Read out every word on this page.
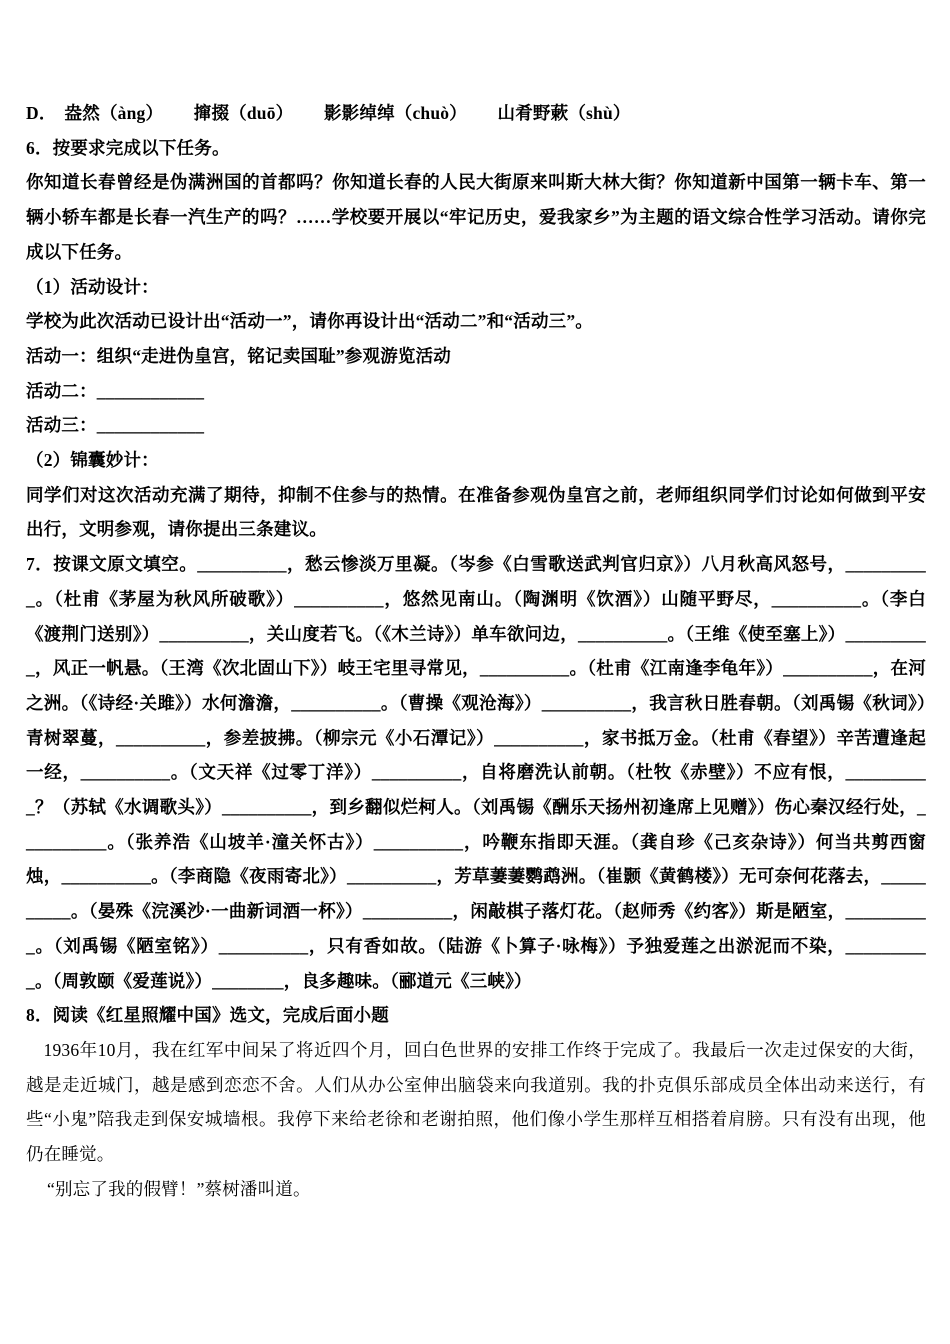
D． 盎然（àng） 撺掇（duō） 影影绰绰（chuò） 山肴野蔌（shù）

6．按要求完成以下任务。

你知道长春曾经是伪满洲国的首都吗？你知道长春的人民大街原来叫斯大林大街？你知道新中国第一辆卡车、第一辆小轿车都是长春一汽生产的吗？……学校要开展以“牢记历史，爱我家乡”为主题的语文综合性学习活动。请你完成以下任务。

（1）活动设计：

学校为此次活动已设计出“活动一”，请你再设计出“活动二”和“活动三”。

活动一：组织“走进伪皇宫，铭记卖国耻”参观游览活动

活动二：____________

活动三：____________

（2）锦囊妙计：

同学们对这次活动充满了期待，抑制不住参与的热情。在准备参观伪皇宫之前，老师组织同学们讨论如何做到平安出行，文明参观，请你提出三条建议。

7．按课文原文填空。__________，愁云惨淡万里凝。（岑参《白雪歌送武判官归京》）八月秋高风怒号，__________。（杜甫《茅屋为秋风所破歌》）__________，悠然见南山。（陶渊明《饮酒》）山随平野尽，__________。（李白《渡荆门送别》）__________，关山度若飞。（《木兰诗》）单车欲问边，__________。（王维《使至塞上》）__________，风正一帆悬。（王湾《次北固山下》）岐王宅里寻常见，__________。（杜甫《江南逢李龟年》）__________，在河之洲。（《诗经·关雎》）水何澹澹，__________。（曹操《观沧海》）__________，我言秋日胜春朝。（刘禹锡《秋词》）青树翠蔓，__________，参差披拂。（柳宗元《小石潭记》）__________，家书抵万金。（杜甫《春望》）辛苦遭逢起一经，__________。（文天祥《过零丁洋》）__________，自将磨洗认前朝。（杜牧《赤壁》）不应有恨，__________？（苏轼《水调歌头》）__________，到乡翻似烂柯人。（刘禹锡《酬乐天扬州初逢席上见赠》）伤心秦汉经行处，__________。（张养浩《山坡羊·潼关怀古》）__________，吟鞭东指即天涯。（龚自珍《己亥杂诗》）何当共剪西窗烛，__________。（李商隐《夜雨寄北》）__________，芳草萋萋鹦鹉洲。（崔颢《黄鹤楼》）无可奈何花落去，__________。（晏殊《浣溪沙·一曲新词酒一杯》）__________，闲敲棋子落灯花。（赵师秀《约客》）斯是陋室，__________。（刘禹锡《陋室铭》）__________，只有香如故。（陆游《卜算子·咏梅》）予独爱莲之出淤泥而不染，__________。（周敦颐《爱莲说》）________，良多趣味。（郦道元《三峡》）

8．阅读《红星照耀中国》选文，完成后面小题

1936年10月，我在红军中间呆了将近四个月，回白色世界的安排工作终于完成了。我最后一次走过保安的大街，越是走近城门，越是感到恋恋不舍。人们从办公室伸出脑袋来向我道别。我的扑克俱乐部成员全体出动来送行，有些“小鬼”陪我走到保安城墙根。我停下来给老徐和老谢拍照，他们像小学生那样互相搭着肩膀。只有没有出现，他仍在睡觉。

“别忘了我的假臂！”蔡树潘叫道。
